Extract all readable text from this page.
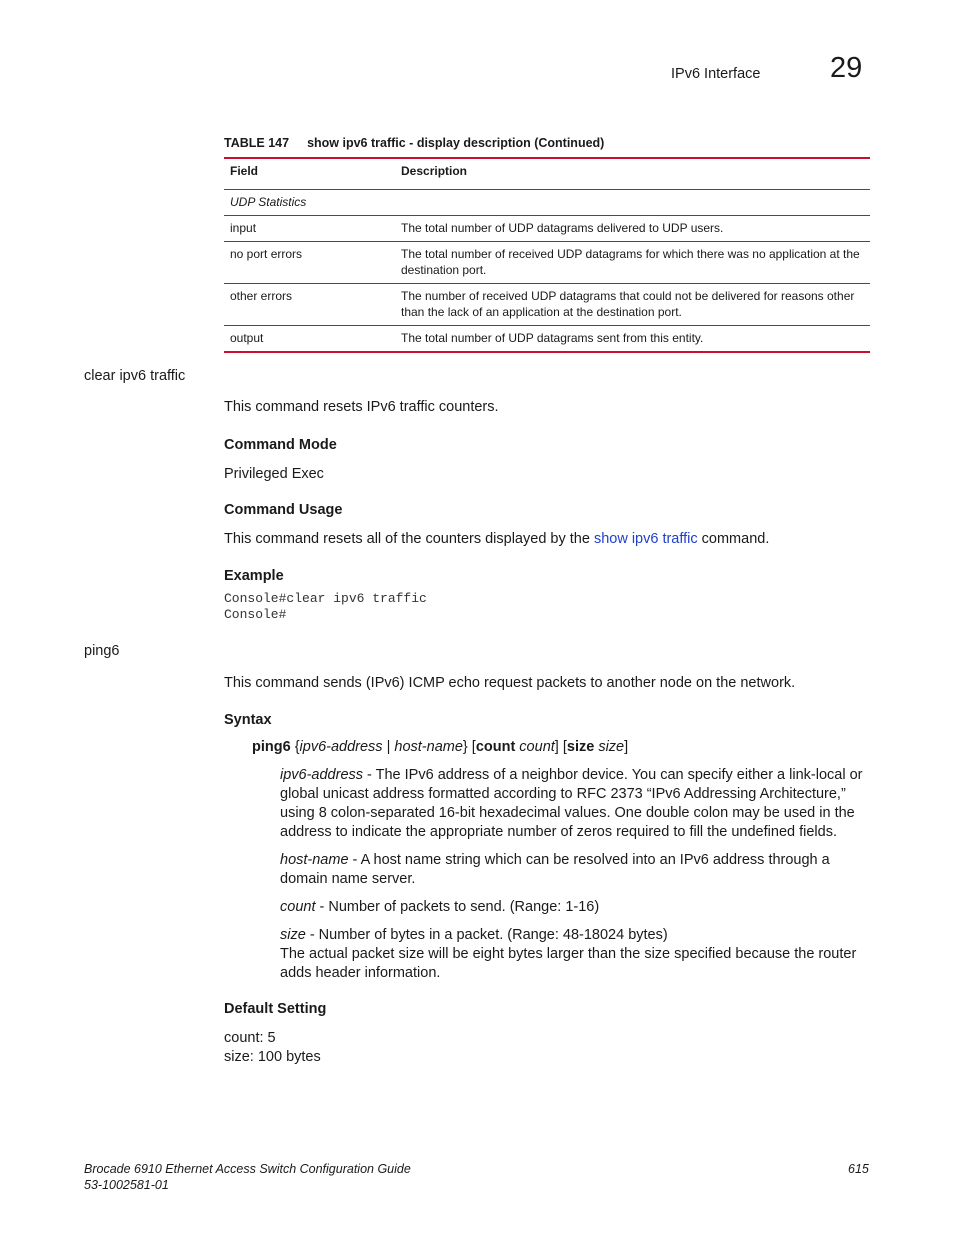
IPv6 Interface 29
TABLE 147 show ipv6 traffic - display description (Continued)
Field	Description
UDP Statistics	
input	The total number of UDP datagrams delivered to UDP users.
no port errors	The total number of received UDP datagrams for which there was no application at the destination port.
other errors	The number of received UDP datagrams that could not be delivered for reasons other than the lack of an application at the destination port.
output	The total number of UDP datagrams sent from this entity.
clear ipv6 traffic
This command resets IPv6 traffic counters.
Command Mode
Privileged Exec
Command Usage
This command resets all of the counters displayed by the show ipv6 traffic command.
Example
Console#clear ipv6 traffic
Console#
ping6
This command sends (IPv6) ICMP echo request packets to another node on the network.
Syntax
ping6 {ipv6-address | host-name} [count count] [size size]
ipv6-address - The IPv6 address of a neighbor device. You can specify either a link-local or global unicast address formatted according to RFC 2373 “IPv6 Addressing Architecture,” using 8 colon-separated 16-bit hexadecimal values. One double colon may be used in the address to indicate the appropriate number of zeros required to fill the undefined fields.
host-name - A host name string which can be resolved into an IPv6 address through a domain name server.
count - Number of packets to send. (Range: 1-16)
size - Number of bytes in a packet. (Range: 48-18024 bytes)
The actual packet size will be eight bytes larger than the size specified because the router adds header information.
Default Setting
count: 5
size: 100 bytes
Brocade 6910 Ethernet Access Switch Configuration Guide
53-1002581-01
615
